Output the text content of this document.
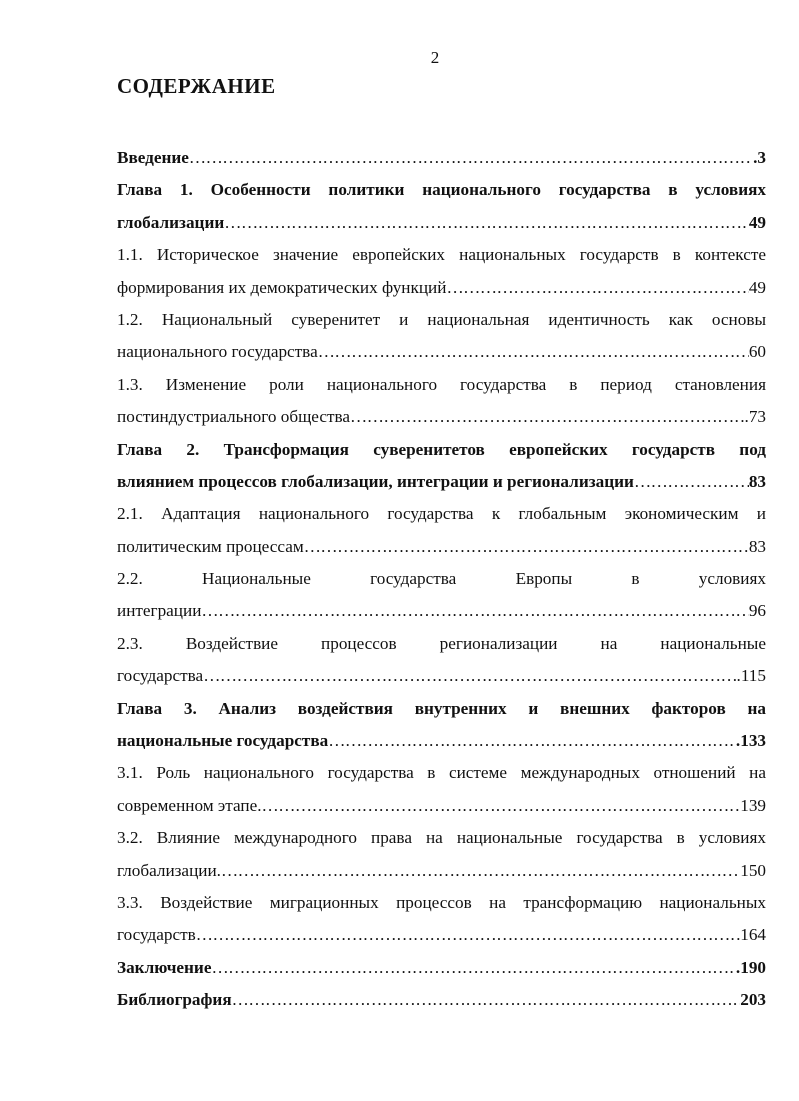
2
СОДЕРЖАНИЕ
Введение ……………………………………………………………………………………………………………………………………………………………………………………………………………………………………	.3
Глава 1. Особенности политики национального государства в условиях
глобализации ……………………………………………………………………………………………………………………………………………………………………………………………………………………………………	49
1.1. Историческое значение европейских национальных государств в контексте
формирования их демократических функций ……………………………………………………………………………………………………………………………………………………………………………………………………………………………………	49
1.2. Национальный суверенитет и национальная идентичность как основы
национального государства ……………………………………………………………………………………………………………………………………………………………………………………………………………………………………	60
1.3. Изменение роли национального государства в период становления
постиндустриального общества ……………………………………………………………………………………………………………………………………………………………………………………………………………………………………	.73
Глава 2. Трансформация суверенитетов европейских государств под
влиянием процессов глобализации, интеграции и регионализации ……………………………………………………………………………………………………………………………………………………………………………………………………………………………………	83
2.1. Адаптация национального государства к глобальным экономическим и
политическим процессам ……………………………………………………………………………………………………………………………………………………………………………………………………………………………………	83
2.2. Национальные государства Европы в условиях
интеграции ……………………………………………………………………………………………………………………………………………………………………………………………………………………………………	96
2.3. Воздействие процессов регионализации на национальные
государства ……………………………………………………………………………………………………………………………………………………………………………………………………………………………………	.115
Глава 3. Анализ воздействия внутренних и внешних факторов на
национальные государства ……………………………………………………………………………………………………………………………………………………………………………………………………………………………………	.133
3.1. Роль национального государства в системе международных отношений на
современном этапе. ……………………………………………………………………………………………………………………………………………………………………………………………………………………………………	139
3.2. Влияние международного права на национальные государства в условиях
глобализации. ……………………………………………………………………………………………………………………………………………………………………………………………………………………………………	150
3.3. Воздействие миграционных процессов на трансформацию национальных
государств ……………………………………………………………………………………………………………………………………………………………………………………………………………………………………	164
Заключение ……………………………………………………………………………………………………………………………………………………………………………………………………………………………………	.190
Библиография ……………………………………………………………………………………………………………………………………………………………………………………………………………………………………	203
